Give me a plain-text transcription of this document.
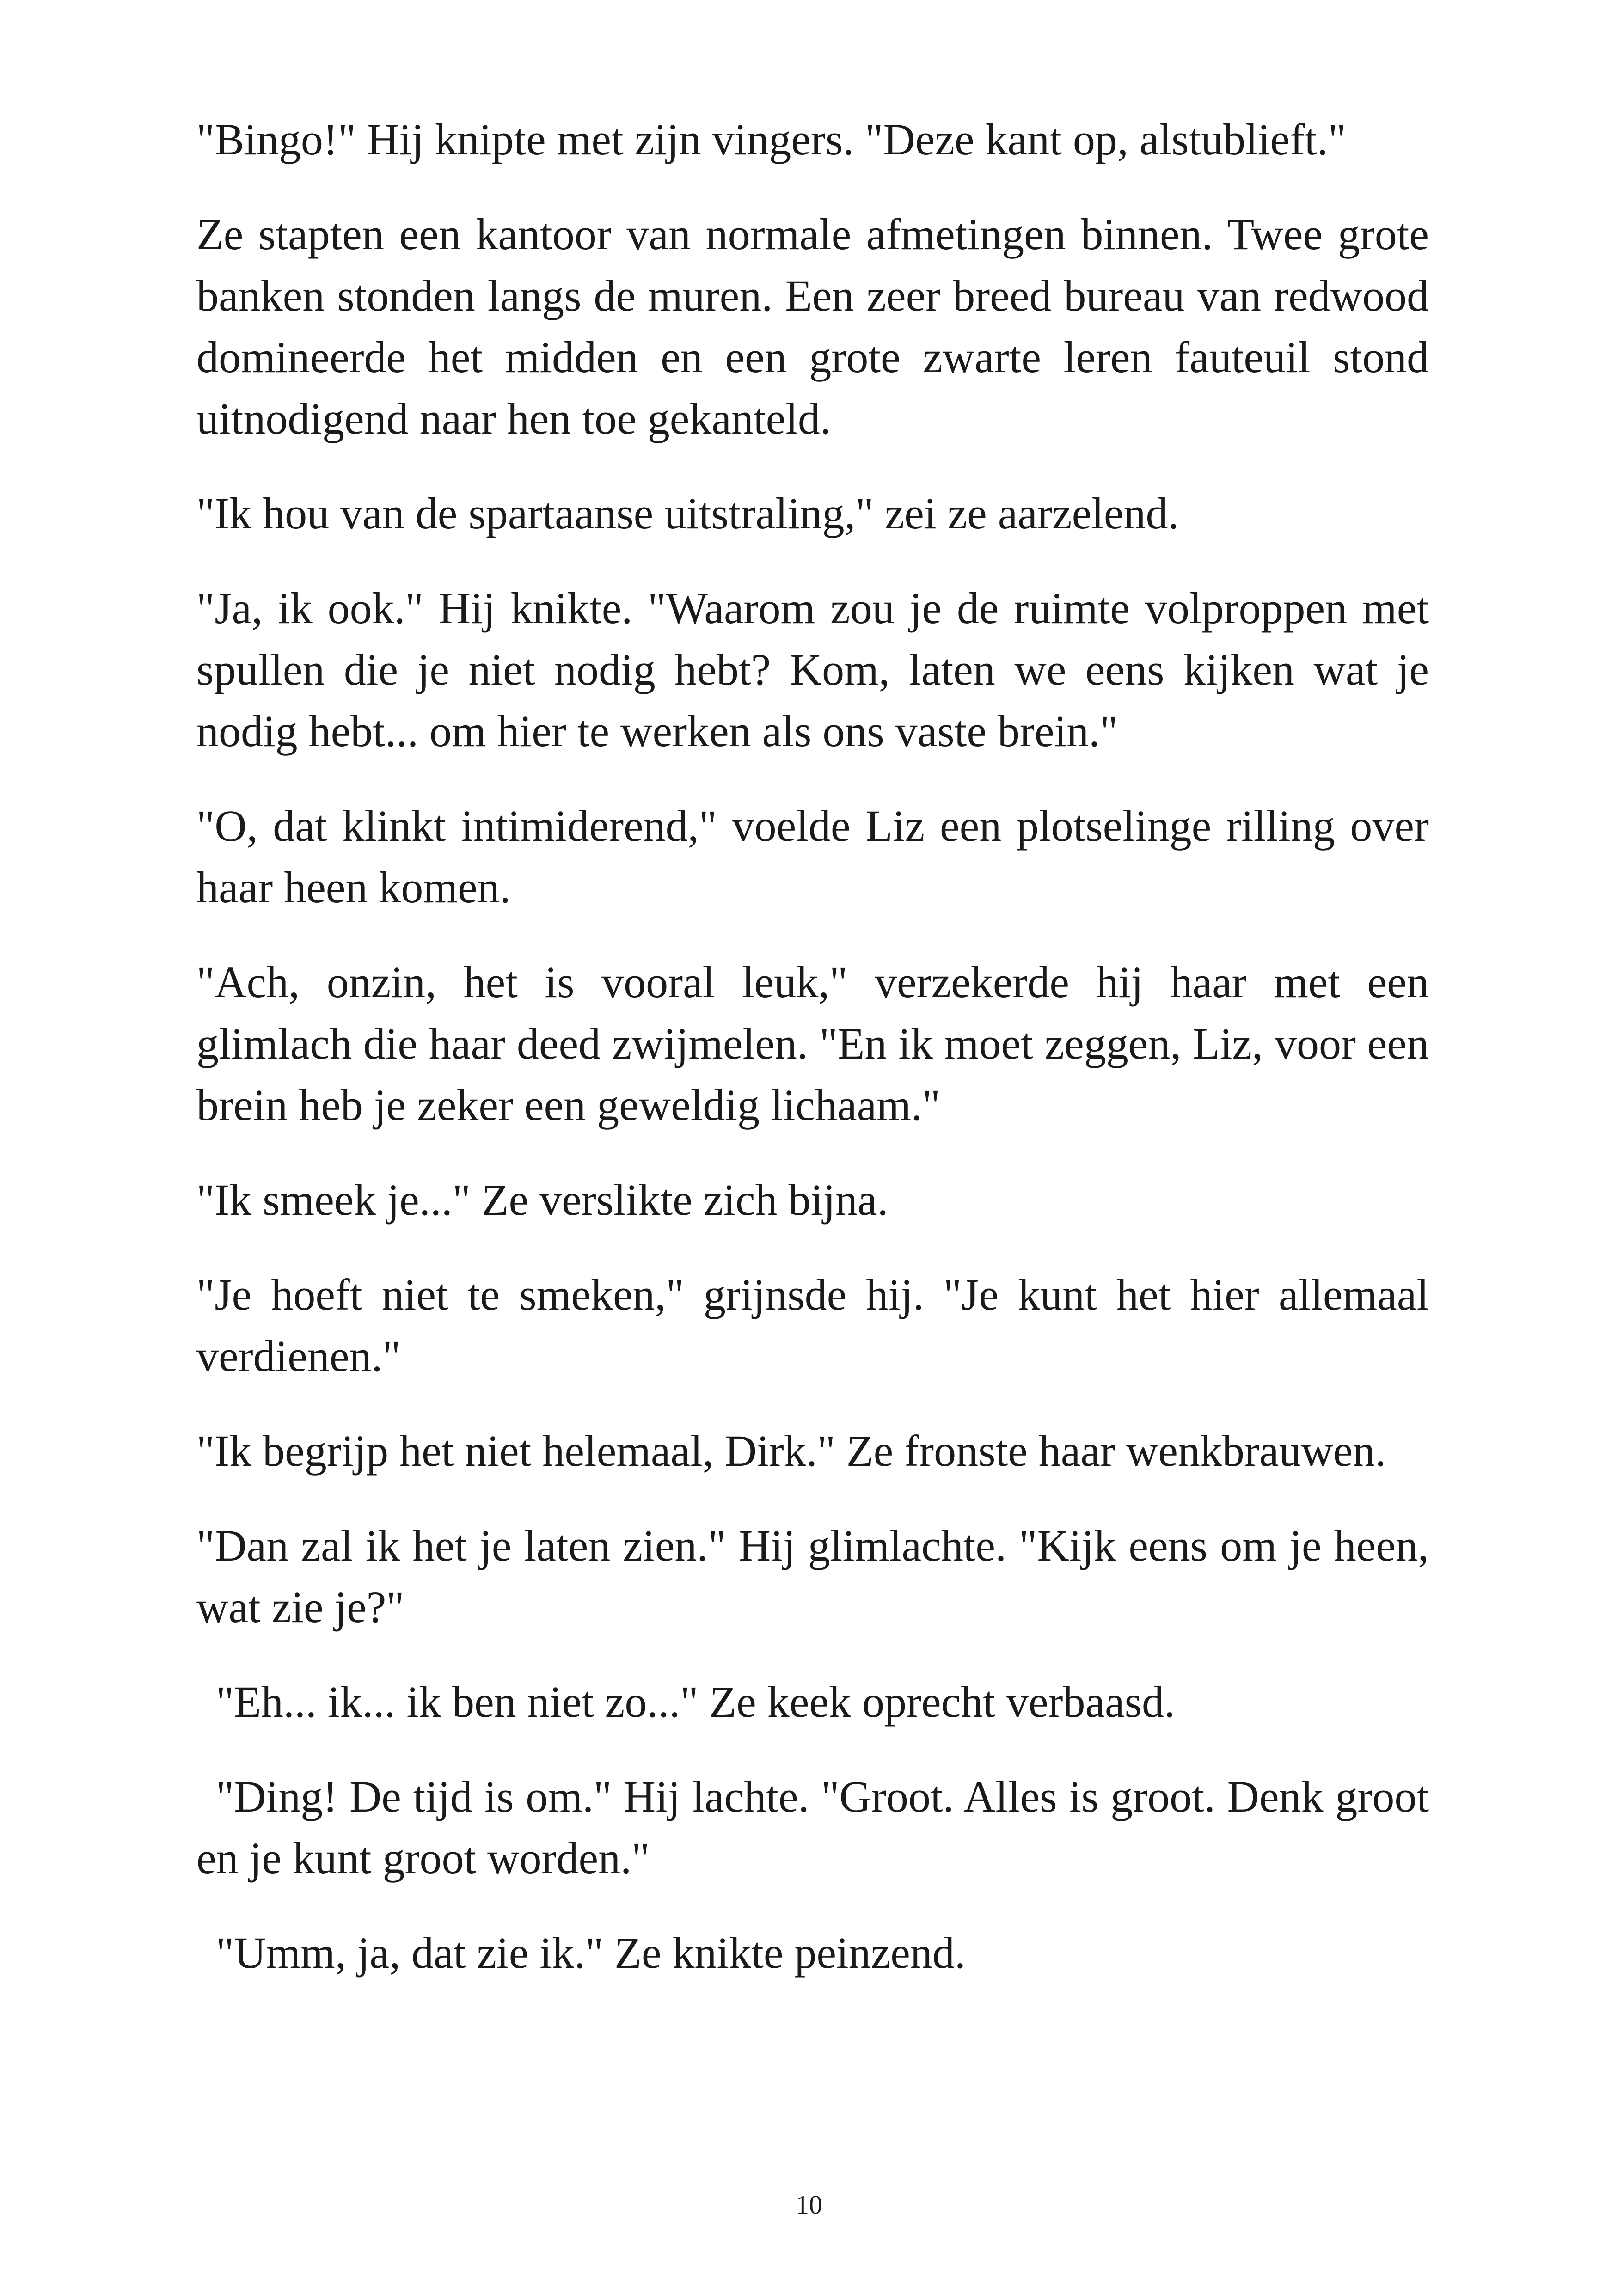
"Bingo!" Hij knipte met zijn vingers. "Deze kant op, alstublieft."

Ze stapten een kantoor van normale afmetingen binnen. Twee grote banken stonden langs de muren. Een zeer breed bureau van redwood domineerde het midden en een grote zwarte leren fauteuil stond uitnodigend naar hen toe gekanteld.

"Ik hou van de spartaanse uitstraling," zei ze aarzelend.

"Ja, ik ook." Hij knikte. "Waarom zou je de ruimte volproppen met spullen die je niet nodig hebt? Kom, laten we eens kijken wat je nodig hebt... om hier te werken als ons vaste brein."

"O, dat klinkt intimiderend," voelde Liz een plotselinge rilling over haar heen komen.

"Ach, onzin, het is vooral leuk," verzekerde hij haar met een glimlach die haar deed zwijmelen. "En ik moet zeggen, Liz, voor een brein heb je zeker een geweldig lichaam."

"Ik smeek je..." Ze verslikte zich bijna.

"Je hoeft niet te smeken," grijnsde hij. "Je kunt het hier allemaal verdienen."

"Ik begrijp het niet helemaal, Dirk." Ze fronste haar wenkbrauwen.

"Dan zal ik het je laten zien." Hij glimlachte. "Kijk eens om je heen, wat zie je?"

"Eh... ik... ik ben niet zo..." Ze keek oprecht verbaasd.

"Ding! De tijd is om." Hij lachte. "Groot. Alles is groot. Denk groot en je kunt groot worden."

"Umm, ja, dat zie ik." Ze knikte peinzend.

10
